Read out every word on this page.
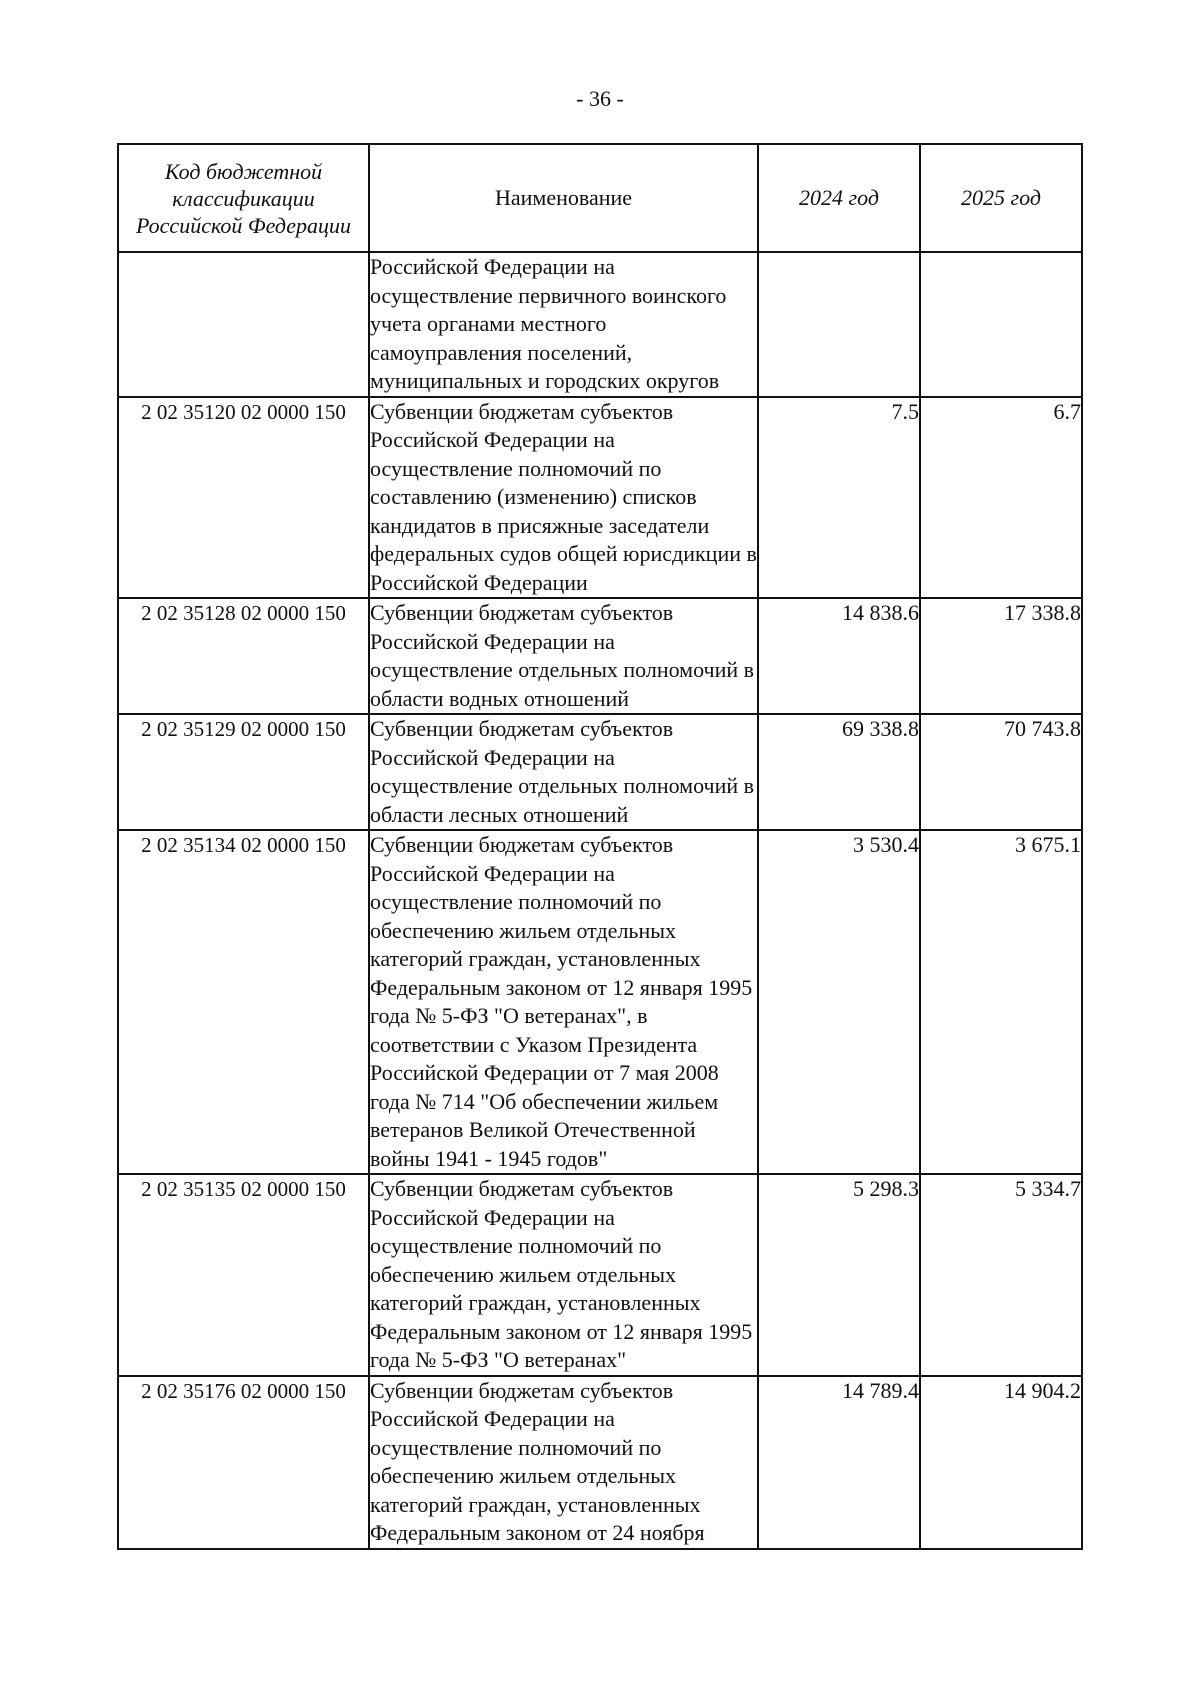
- 36 -
Код бюджетной классификации Российской Федерации	Наименование	2024 год	2025 год
	Российской Федерации на осуществление первичного воинского учета органами местного самоуправления поселений, муниципальных и городских округов		
2 02 35120 02 0000 150	Субвенции бюджетам субъектов Российской Федерации на осуществление полномочий по составлению (изменению) списков кандидатов в присяжные заседатели федеральных судов общей юрисдикции в Российской Федерации	7.5	6.7
2 02 35128 02 0000 150	Субвенции бюджетам субъектов Российской Федерации на осуществление отдельных полномочий в области водных отношений	14 838.6	17 338.8
2 02 35129 02 0000 150	Субвенции бюджетам субъектов Российской Федерации на осуществление отдельных полномочий в области лесных отношений	69 338.8	70 743.8
2 02 35134 02 0000 150	Субвенции бюджетам субъектов Российской Федерации на осуществление полномочий по обеспечению жильем отдельных категорий граждан, установленных Федеральным законом от 12 января 1995 года № 5-ФЗ "О ветеранах", в соответствии с Указом Президента Российской Федерации от 7 мая 2008 года № 714 "Об обеспечении жильем ветеранов Великой Отечественной войны 1941 - 1945 годов"	3 530.4	3 675.1
2 02 35135 02 0000 150	Субвенции бюджетам субъектов Российской Федерации на осуществление полномочий по обеспечению жильем отдельных категорий граждан, установленных Федеральным законом от 12 января 1995 года № 5-ФЗ "О ветеранах"	5 298.3	5 334.7
2 02 35176 02 0000 150	Субвенции бюджетам субъектов Российской Федерации на осуществление полномочий по обеспечению жильем отдельных категорий граждан, установленных Федеральным законом от 24 ноября	14 789.4	14 904.2
